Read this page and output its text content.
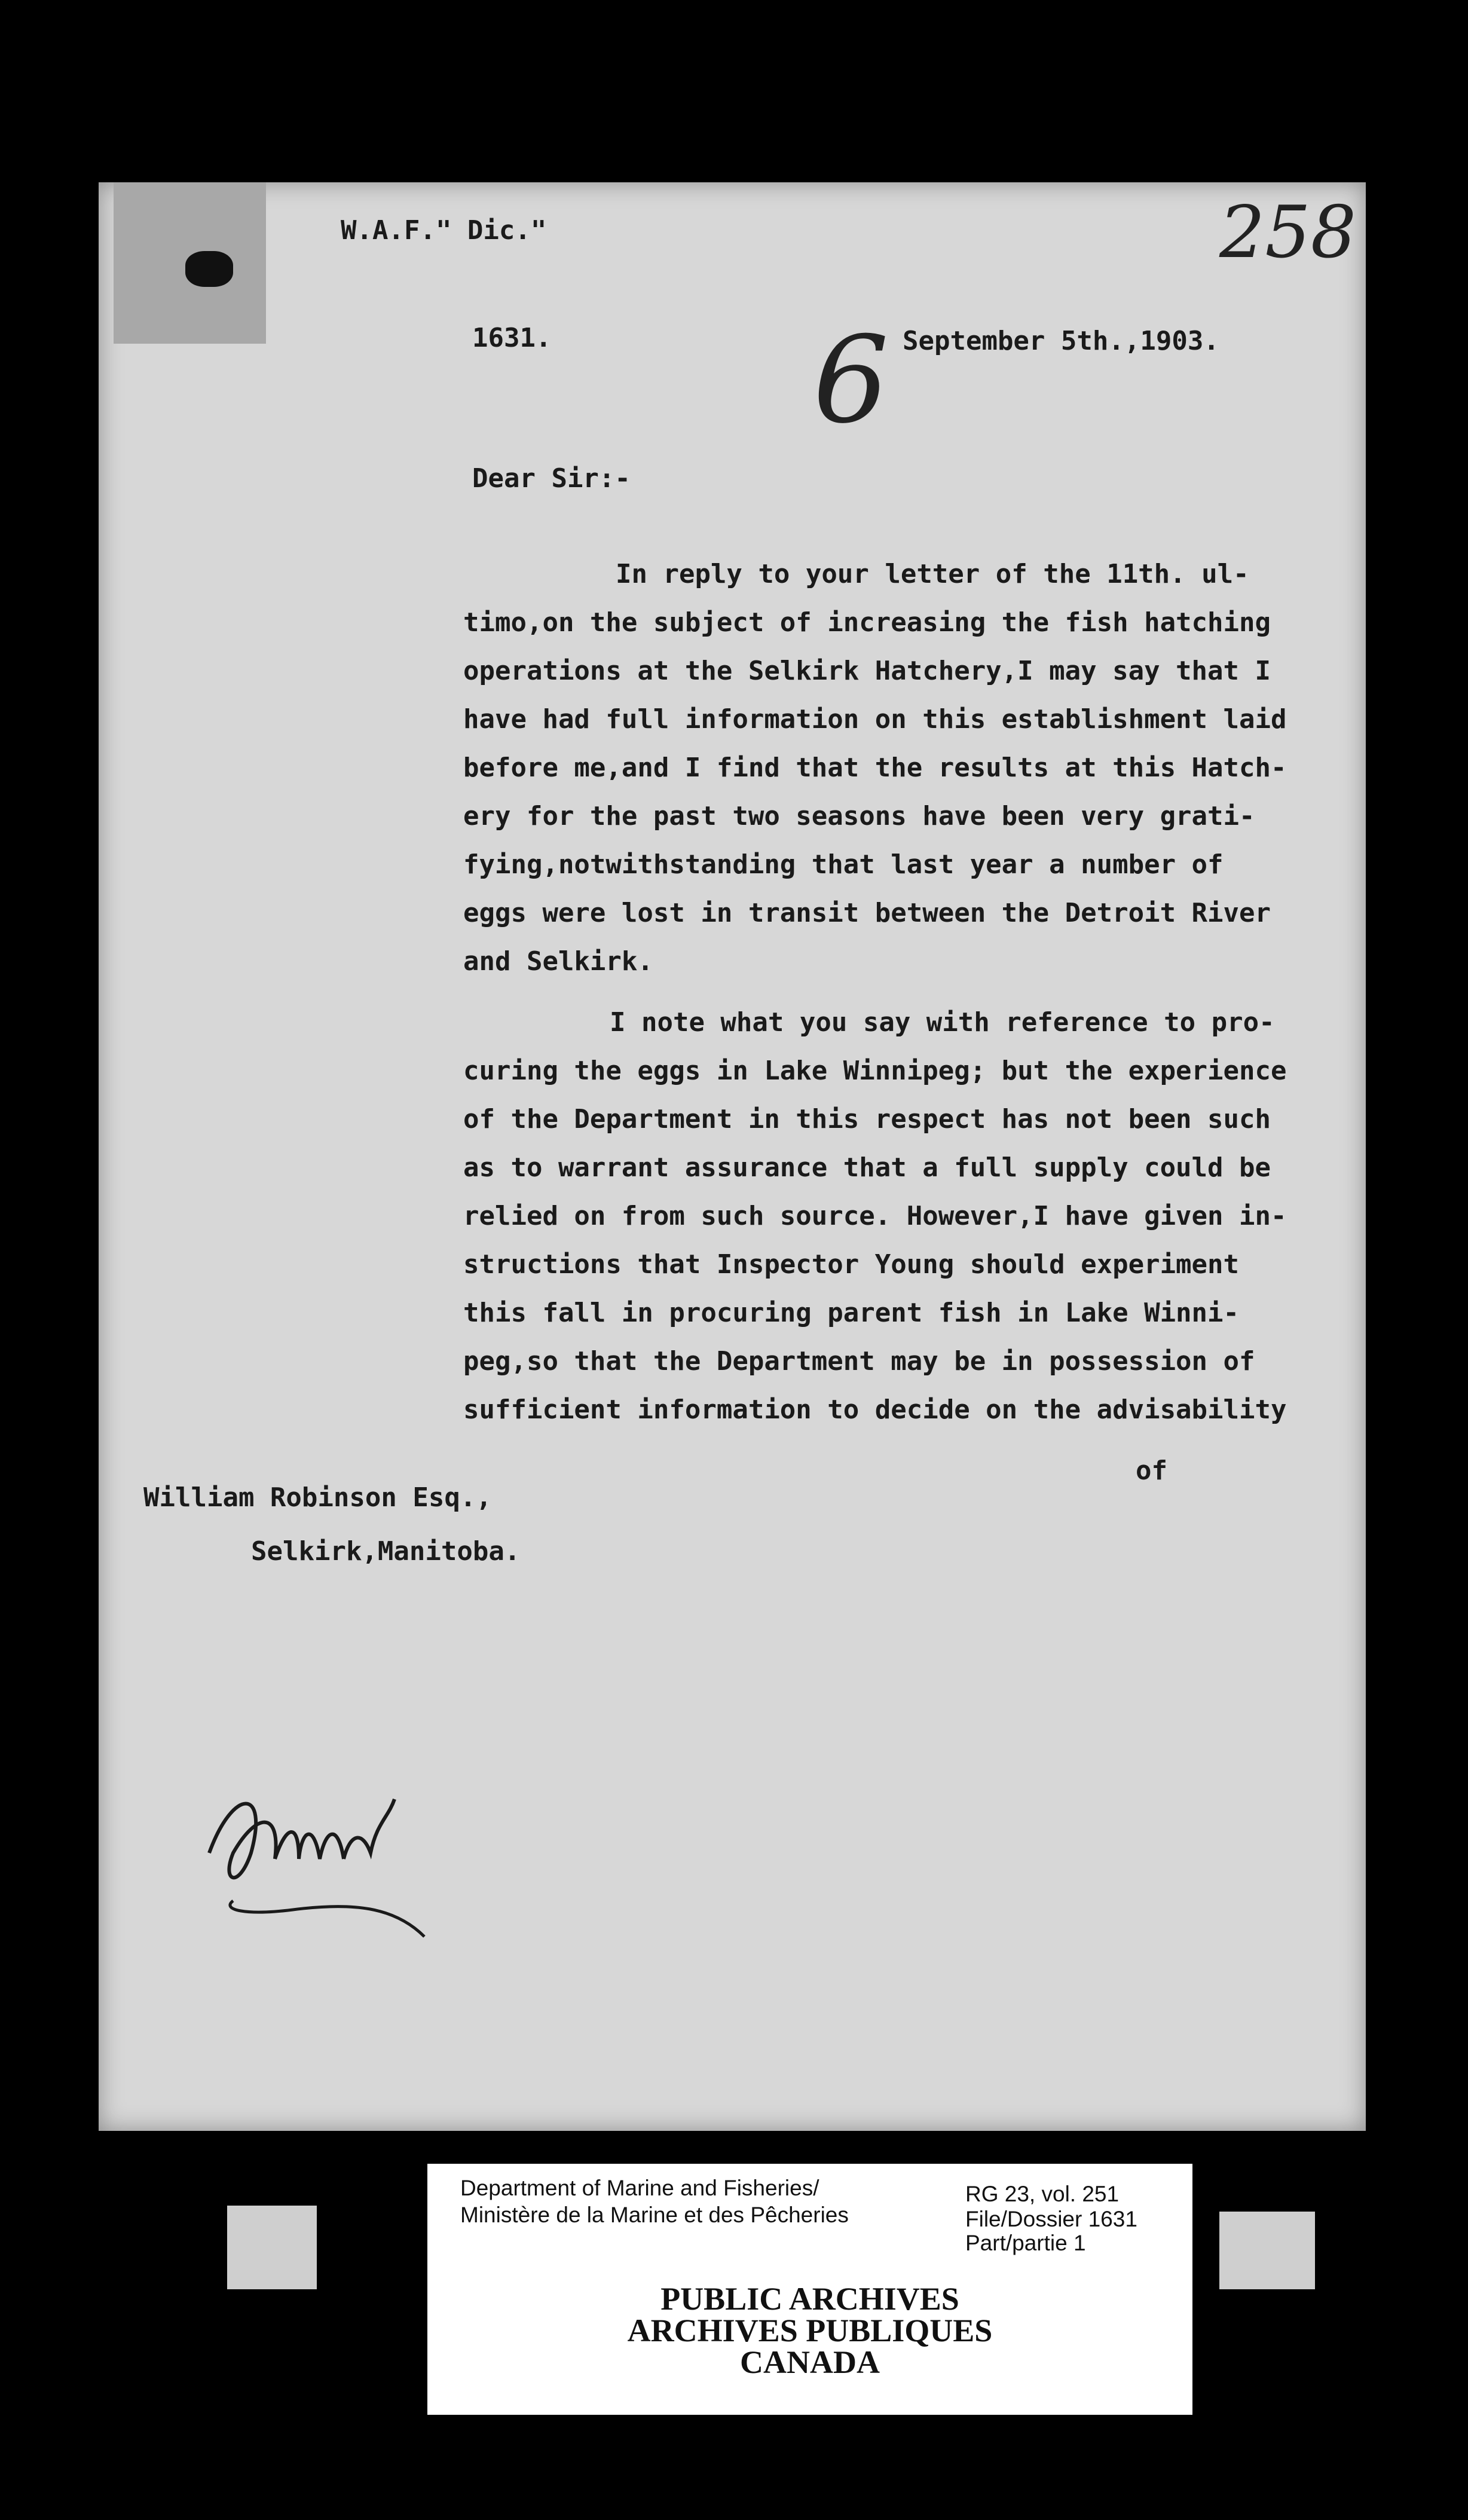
W.A.F." Dic."
1631.	September 5th.,1903.
258
6
Dear Sir:-

In reply to your letter of the 11th. ul-

timo,on the subject of increasing the fish hatching

operations at the Selkirk Hatchery,I may say that I

have had full information on this establishment laid

before me,and I find that the results at this Hatch-

ery for the past two seasons have been very grati-

fying,notwithstanding that last year a number of

eggs were lost in transit between the Detroit River

and Selkirk.

I note what you say with reference to pro-

curing the eggs in Lake Winnipeg; but the experience

of the Department in this respect has not been such

as to warrant assurance that a full supply could be

relied on from such source. However,I have given in-

structions that Inspector Young should experiment

this fall in procuring parent fish in Lake Winni-

peg,so that the Department may be in possession of

sufficient information to decide on the advisability

of
William Robinson Esq.,
Selkirk,Manitoba.
Department of Marine and Fisheries/
Ministère de la Marine et des Pêcheries
RG 23, vol. 251
File/Dossier 1631
Part/partie 1
PUBLIC ARCHIVES
ARCHIVES PUBLIQUES
CANADA
